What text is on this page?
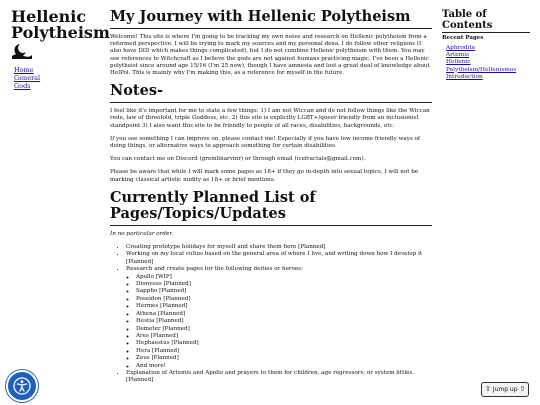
Hellenic
Polytheism

Home
General
Gods
My Journey with Hellenic Polytheism

Welcome! This site is where I'm going to be tracking my own notes and research on Hellenic polytheism from a reformed perspective. I will be trying to mark my sources and my personal doxa. I do follow other religions (I also have DID which makes things complicated), but I do not combine Hellenic polytheism with them. You may see references to Witchcraft as I believe the gods are not against humans practicing magic. I've been a Hellenic polytheist since around age 15/16 (I'm 25 now), though I have amnesia and lost a great deal of knowledge about HelPol. This is mainly why I'm making this, as a reference for myself in the future.

Notes-

I feel like it's important for me to state a few things: 1) I am not Wiccan and do not follow things like the Wiccan rede, law of threefold, triple Goddess, etc. 2) this site is explicitly LGBT+/queer friendly from an inclusionist standpoint 3) I also want this site to be friendly to people of all races, disabilities, backgrounds, etc.

If you see something I can improve on, please contact me! Especially if you have low income friendly ways of doing things, or alternative ways to approach something for certain disabilities.

You can contact me on Discord (gremlinarvinr) or through email (icefractals@gmail.com).

Please be aware that while I will mark some pages as 18+ if they go in-depth into sexual topics, I will not be marking classical artistic nudity as 18+ or brief mentions.

Currently Planned List of Pages/Topics/Updates

In no particular order.

• Creating prototype holidays for myself and share them here [Planned]
• Working on my local cultus based on the general area of where I live, and writing down how I develop it [Planned]
• Research and create pages for the following deities or heroes:
◦ Apollo [WIP]
◦ Dionysus [Planned]
◦ Sappho [Planned]
◦ Poseidon [Planned]
◦ Hermes [Planned]
◦ Athena [Planned]
◦ Hestia [Planned]
◦ Demeter [Planned]
◦ Ares [Planned]
◦ Hephaestus [Planned]
◦ Hera [Planned]
◦ Zeus [Planned]
◦ And more!
• Explanation of Artemis and Apollo and prayers to them for children, age regressors, or system littles. [Planned]

Table of
Contents

Recent Pages

Aphrodite
Artemis
Hellenic Polytheism/Hellenismos
Introduction
⇧ Jump up ⇧
